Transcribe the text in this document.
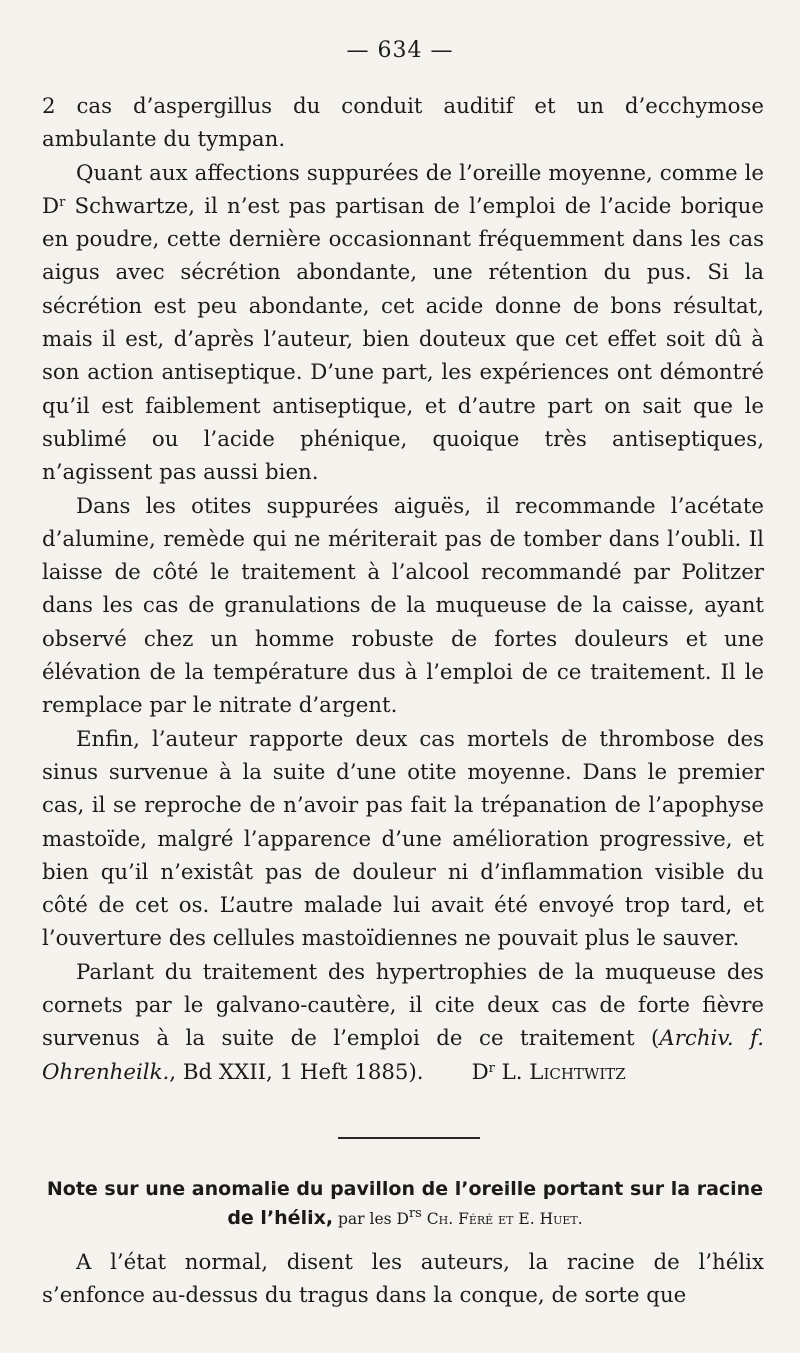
— 634 —

2 cas d’aspergillus du conduit auditif et un d’ecchymose ambulante du tympan.

Quant aux affections suppurées de l’oreille moyenne, comme le $D^r$ Schwartze, il n’est pas partisan de l’emploi de l’acide borique en poudre, cette dernière occasionnant fréquemment dans les cas aigus avec sécrétion abondante, une rétention du pus. Si la sécrétion est peu abondante, cet acide donne de bons résultat, mais il est, d’après l’auteur, bien douteux que cet effet soit dû à son action antiseptique. D’une part, les expériences ont démontré qu’il est faiblement antiseptique, et d’autre part on sait que le sublimé ou l’acide phénique, quoique très antiseptiques, n’agissent pas aussi bien.

Dans les otites suppurées aiguës, il recommande l’acétate d’alumine, remède qui ne mériterait pas de tomber dans l’oubli. Il laisse de côté le traitement à l’alcool recommandé par Politzer dans les cas de granulations de la muqueuse de la caisse, ayant observé chez un homme robuste de fortes douleurs et une élévation de la température dus à l’emploi de ce traitement. Il le remplace par le nitrate d’argent.

Enfin, l’auteur rapporte deux cas mortels de thrombose des sinus survenue à la suite d’une otite moyenne. Dans le premier cas, il se reproche de n’avoir pas fait la trépanation de l’apophyse mastoïde, malgré l’apparence d’une amélioration progressive, et bien qu’il n’existât pas de douleur ni d’inflammation visible du côté de cet os. L’autre malade lui avait été envoyé trop tard, et l’ouverture des cellules mastoïdiennes ne pouvait plus le sauver.

Parlant du traitement des hypertrophies de la muqueuse des cornets par le galvano-cautère, il cite deux cas de forte fièvre survenus à la suite de l’emploi de ce traitement (Archiv. f. Ohrenheilk., Bd XXII, 1 Heft 1885). $D^r$ L. Lichtwitz

Note sur une anomalie du pavillon de l’oreille portant sur la racine de l’hélix, par les $D^{rs}$ Ch. Féré et E. Huet.

A l’état normal, disent les auteurs, la racine de l’hélix s’enfonce au-dessus du tragus dans la conque, de sorte que
